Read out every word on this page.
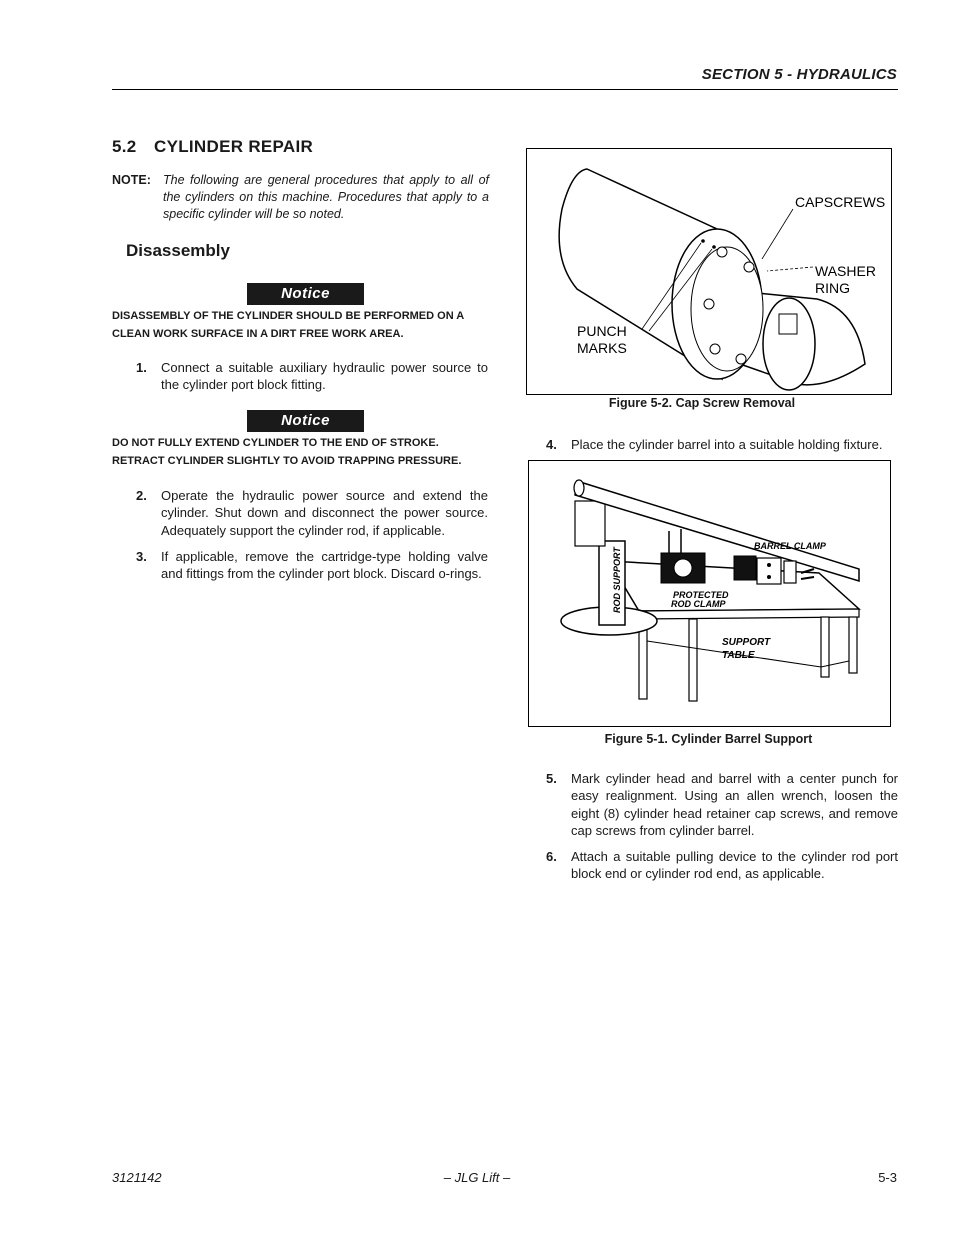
SECTION 5 - HYDRAULICS
5.2 CYLINDER REPAIR
NOTE: The following are general procedures that apply to all of the cylinders on this machine. Procedures that apply to a specific cylinder will be so noted.
Disassembly
Notice
DISASSEMBLY OF THE CYLINDER SHOULD BE PERFORMED ON A CLEAN WORK SURFACE IN A DIRT FREE WORK AREA.
1. Connect a suitable auxiliary hydraulic power source to the cylinder port block fitting.
Notice
DO NOT FULLY EXTEND CYLINDER TO THE END OF STROKE. RETRACT CYLINDER SLIGHTLY TO AVOID TRAPPING PRESSURE.
2. Operate the hydraulic power source and extend the cylinder. Shut down and disconnect the power source. Adequately support the cylinder rod, if applicable.
3. If applicable, remove the cartridge-type holding valve and fittings from the cylinder port block. Discard o-rings.
CAPSCREWS
WASHER
RING
PUNCH
MARKS
Figure 5-2. Cap Screw Removal
4. Place the cylinder barrel into a suitable holding fixture.
BARREL CLAMP
ROD SUPPORT	PROTECTED
ROD CLAMP
SUPPORT
TABLE
Figure 5-1. Cylinder Barrel Support
5. Mark cylinder head and barrel with a center punch for easy realignment. Using an allen wrench, loosen the eight (8) cylinder head retainer cap screws, and remove cap screws from cylinder barrel.
6. Attach a suitable pulling device to the cylinder rod port block end or cylinder rod end, as applicable.
3121142	– JLG Lift –	5-3
